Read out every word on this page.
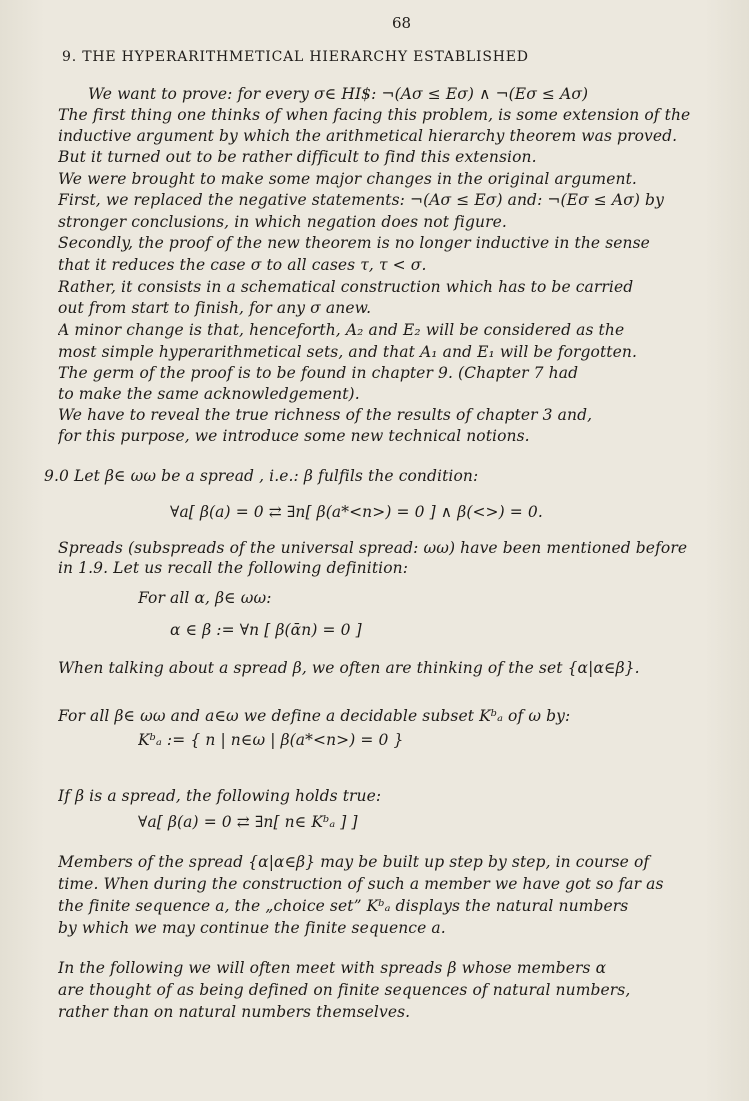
68
9. THE HYPERARITHMETICAL HIERARCHY ESTABLISHED
We want to prove: for every σ∈ HI$: ¬(Aσ ≤ Eσ) ∧ ¬(Eσ ≤ Aσ)
The first thing one thinks of when facing this problem, is some extension of the
inductive argument by which the arithmetical hierarchy theorem was proved.
But it turned out to be rather difficult to find this extension.
We were brought to make some major changes in the original argument.
First, we replaced the negative statements: ¬(Aσ ≤ Eσ) and: ¬(Eσ ≤ Aσ) by
stronger conclusions, in which negation does not figure.
Secondly, the proof of the new theorem is no longer inductive in the sense
that it reduces the case σ to all cases τ, τ < σ.
Rather, it consists in a schematical construction which has to be carried
out from start to finish, for any σ anew.
A minor change is that, henceforth, A₂ and E₂ will be considered as the
most simple hyperarithmetical sets, and that A₁ and E₁ will be forgotten.
The germ of the proof is to be found in chapter 9. (Chapter 7 had
to make the same acknowledgement).
We have to reveal the true richness of the results of chapter 3 and,
for this purpose, we introduce some new technical notions.
9.0 Let β∈ ωω be a spread , i.e.: β fulfils the condition:
∀a[ β(a) = 0 ⇄ ∃n[ β(a*<n>) = 0 ] ∧ β(<>) = 0.
Spreads (subspreads of the universal spread: ωω) have been mentioned before
in 1.9. Let us recall the following definition:
For all α, β∈ ωω:
α ∈ β := ∀n [ β(ᾱn) = 0 ]
When talking about a spread β, we often are thinking of the set {α|α∈β}.
For all β∈ ωω and a∈ω we define a decidable subset Kᵇₐ of ω by:
Kᵇₐ := { n | n∈ω | β(a*<n>) = 0 }
If β is a spread, the following holds true:
∀a[ β(a) = 0 ⇄ ∃n[ n∈ Kᵇₐ ] ]
Members of the spread {α|α∈β} may be built up step by step, in course of
time. When during the construction of such a member we have got so far as
the finite sequence a, the „choice set” Kᵇₐ displays the natural numbers
by which we may continue the finite sequence a.
In the following we will often meet with spreads β whose members α
are thought of as being defined on finite sequences of natural numbers,
rather than on natural numbers themselves.
